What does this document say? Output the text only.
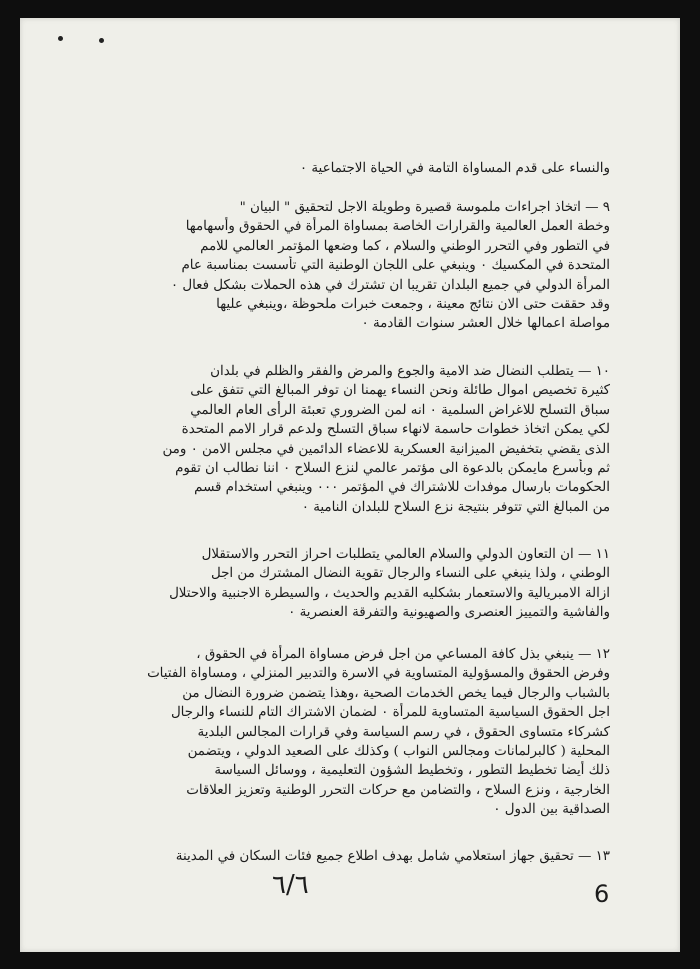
والنساء على قدم المساواة التامة في الحياة الاجتماعية ٠
٩ — اتخاذ اجراءات ملموسة قصيرة وطويلة الاجل لتحقيق " البيان "
وخطة العمل العالمية والقرارات الخاصة بمساواة المرأة في الحقوق وأسهامها
في التطور وفي التحرر الوطني والسلام ، كما وضعها المؤتمر العالمي للامم
المتحدة في المكسيك ٠ وينبغي على اللجان الوطنية التي تأسست بمناسبة عام
المرأة الدولي في جميع البلدان تقريبا ان تشترك في هذه الحملات بشكل فعال ٠
وقد حققت حتى الان نتائج معينة ، وجمعت خبرات ملحوظة ،وينبغي عليها
مواصلة اعمالها خلال العشر سنوات القادمة ٠
١٠ — يتطلب النضال ضد الامية والجوع والمرض والفقر والظلم في بلدان
كثيرة تخصيص اموال طائلة ونحن النساء يهمنا ان توفر المبالغ التي تتفق على
سباق التسلح للاغراض السلمية ٠ انه لمن الضروري تعبئة الرأى العام العالمي
لكي يمكن اتخاذ خطوات حاسمة لانهاء سباق التسلح ولدعم قرار الامم المتحدة
الذى يقضي بتخفيض الميزانية العسكرية للاعضاء الدائمين في مجلس الامن ٠ ومن
ثم وبأسرع مايمكن بالدعوة الى مؤتمر عالمي لنزع السلاح ٠ اننا نطالب ان تقوم
الحكومات بارسال موفدات للاشتراك في المؤتمر ٠٠٠ وينبغي استخدام قسم
من المبالغ التي تتوفر بنتيجة نزع السلاح للبلدان النامية ٠
١١ — ان التعاون الدولي والسلام العالمي يتطلبات احراز التحرر والاستقلال
الوطني ، ولذا ينبغي على النساء والرجال تقوية النضال المشترك من اجل
ازالة الامبريالية والاستعمار بشكليه القديم والحديث ، والسيطرة الاجنبية والاحتلال
والفاشية والتمييز العنصرى والصهيونية والتفرقة العنصرية ٠
١٢ — ينبغي بذل كافة المساعي من اجل فرض مساواة المرأة في الحقوق ،
وفرض الحقوق والمسؤولية المتساوية في الاسرة والتدبير المنزلي ، ومساواة الفتيات
بالشباب والرجال فيما يخص الخدمات الصحية ،وهذا يتضمن ضرورة النضال من
اجل الحقوق السياسية المتساوية للمرأة ٠ لضمان الاشتراك التام للنساء والرجال
كشركاء متساوى الحقوق ، في رسم السياسة وفي قرارات المجالس البلدية
المحلية ( كالبرلمانات ومجالس النواب ) وكذلك على الصعيد الدولي ، ويتضمن
ذلك أيضا تخطيط التطور ، وتخطيط الشؤون التعليمية ، ووسائل السياسة
الخارجية ، ونزع السلاح ، والتضامن مع حركات التحرر الوطنية وتعزيز العلاقات
الصداقية بين الدول ٠
١٣ — تحقيق جهاز استعلامي شامل بهدف اطلاع جميع فئات السكان في المدينة
٦/٦	6
